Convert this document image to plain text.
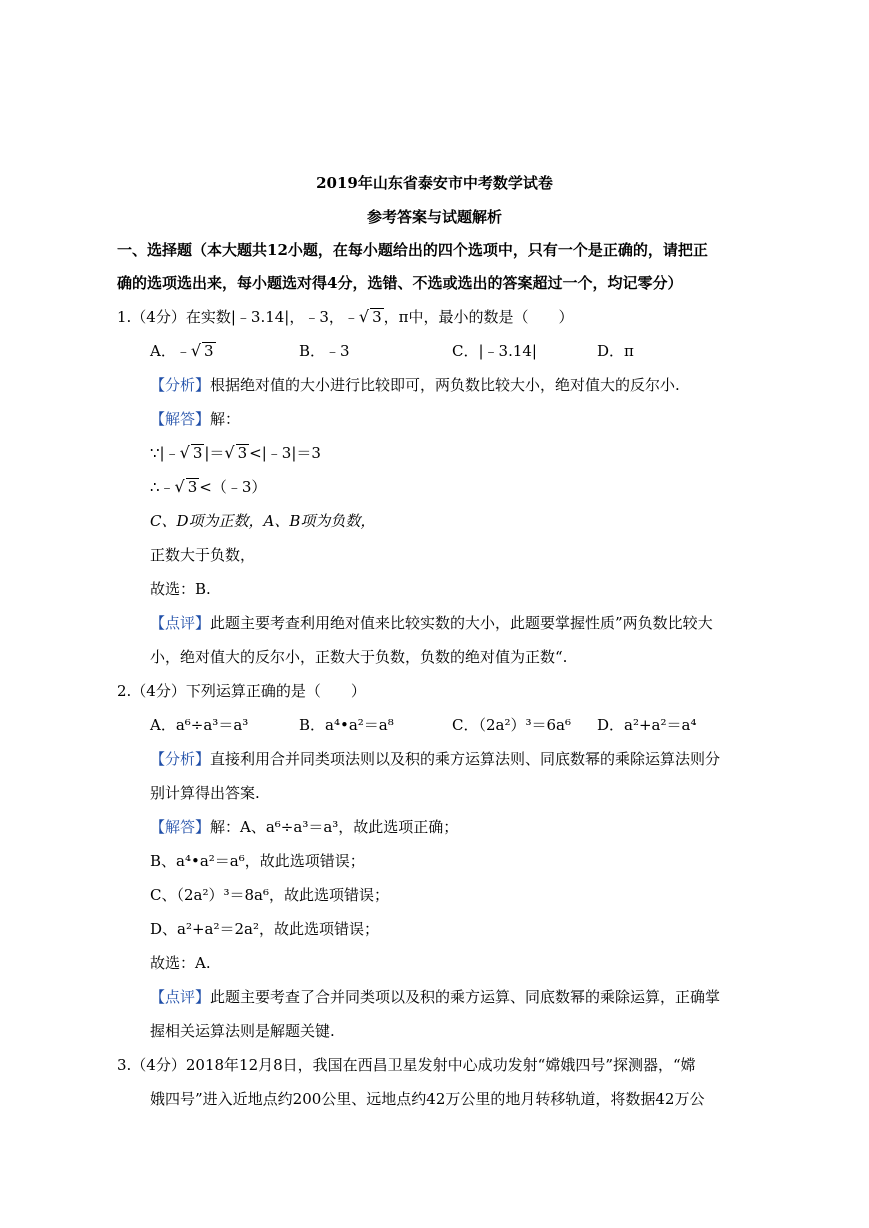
2019年山东省泰安市中考数学试卷
参考答案与试题解析
一、选择题（本大题共12小题，在每小题给出的四个选项中，只有一个是正确的，请把正
确的选项选出来，每小题选对得4分，选错、不选或选出的答案超过一个，均记零分）
1.（4分）在实数|﹣3.14|，﹣3，﹣√ 3 ，π中，最小的数是（　　）
A．﹣√ 3	B．﹣3	C．|﹣3.14|	D．π
【分析】根据绝对值的大小进行比较即可，两负数比较大小，绝对值大的反尔小.
【解答】解：
∵|﹣√ 3 |＝√ 3 <|﹣3|＝3
∴﹣√ 3 <（﹣3）
C、D项为正数，A、B项为负数，
正数大于负数，
故选：B.
【点评】此题主要考查利用绝对值来比较实数的大小，此题要掌握性质”两负数比较大
小，绝对值大的反尔小，正数大于负数，负数的绝对值为正数“.
2.（4分）下列运算正确的是（　　）
A．a⁶÷a³＝a³	B．a⁴•a²＝a⁸	C．（2a²）³＝6a⁶ D．a²+a²＝a⁴
【分析】直接利用合并同类项法则以及积的乘方运算法则、同底数幂的乘除运算法则分
别计算得出答案.
【解答】解：A、a⁶÷a³＝a³，故此选项正确；
B、a⁴•a²＝a⁶，故此选项错误；
C、（2a²）³＝8a⁶，故此选项错误；
D、a²+a²＝2a²，故此选项错误；
故选：A.
【点评】此题主要考查了合并同类项以及积的乘方运算、同底数幂的乘除运算，正确掌
握相关运算法则是解题关键.
3.（4分）2018年12月8日，我国在西昌卫星发射中心成功发射“嫦娥四号”探测器，“嫦
娥四号”进入近地点约200公里、远地点约42万公里的地月转移轨道，将数据42万公
